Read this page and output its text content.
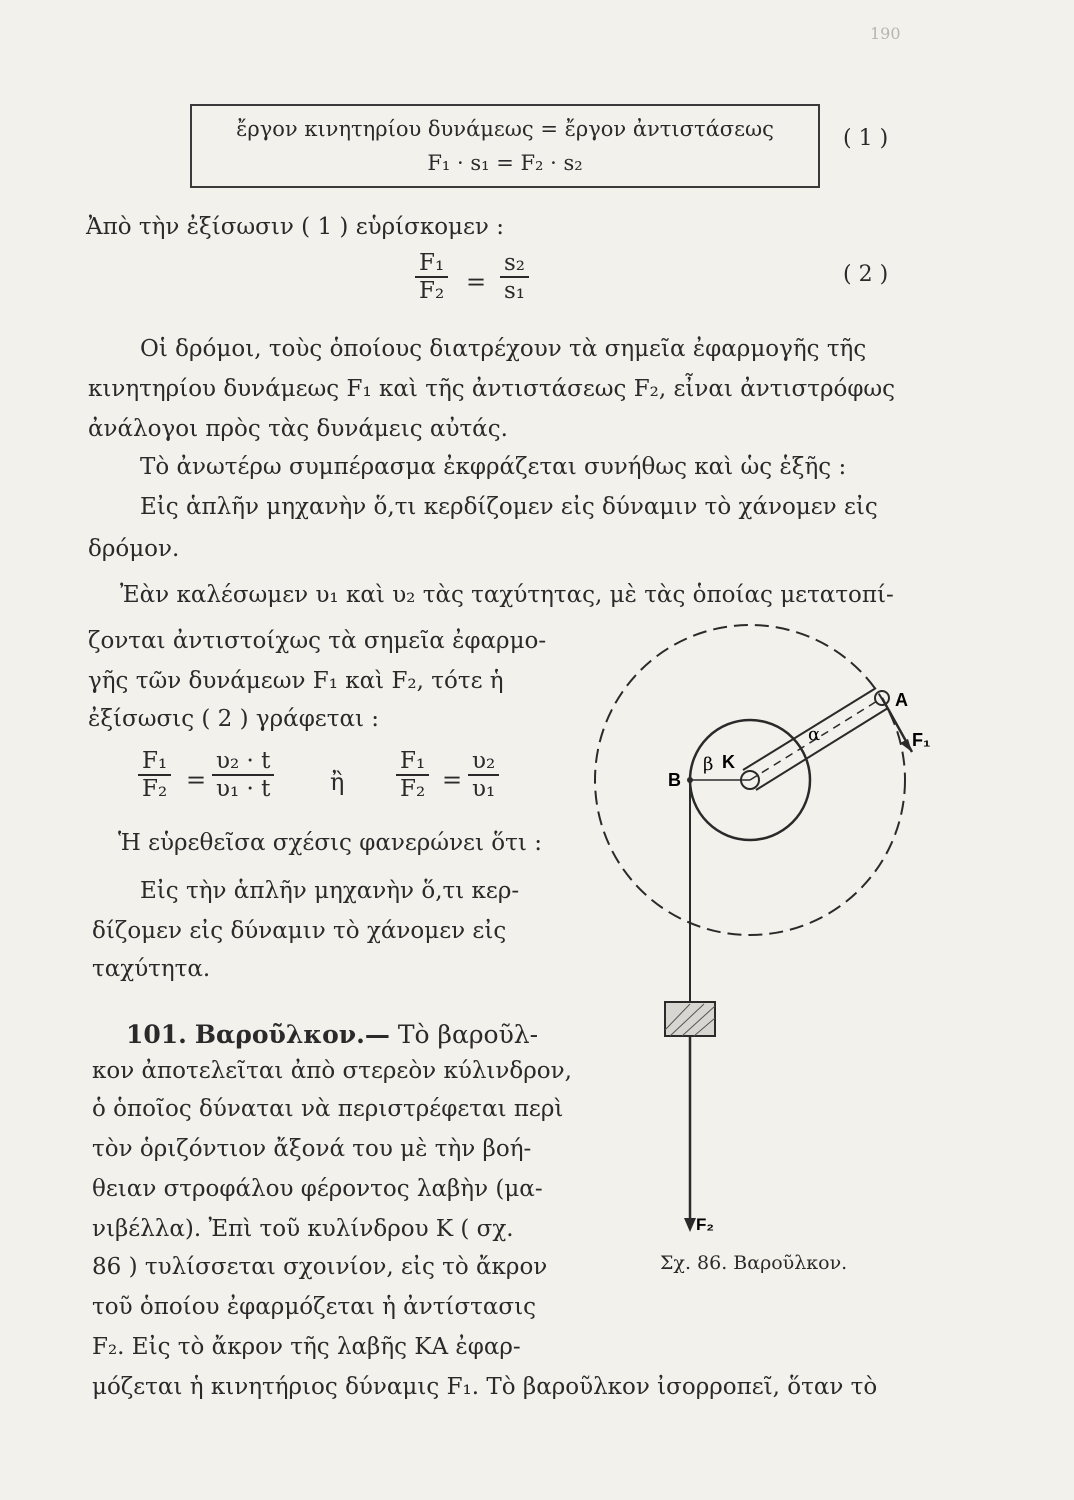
190
ἔργον κινητηρίου δυνάμεως = ἔργον ἀντιστάσεως
F₁ · s₁ = F₂ · s₂
( 1 )
Ἀπὸ τὴν ἐξίσωσιν ( 1 ) εὑρίσκομεν :
$\frac{\text{F₁}}{\text{F₂}} = \frac{\text{s₂}}{\text{s₁}}$	( 2 )
Οἱ δρόμοι, τοὺς ὁποίους διατρέχουν τὰ σημεῖα ἐφαρμογῆς τῆς
κινητηρίου δυνάμεως F₁ καὶ τῆς ἀντιστάσεως F₂, εἶναι ἀντιστρόφως
ἀνάλογοι πρὸς τὰς δυνάμεις αὐτάς.
Τὸ ἀνωτέρω συμπέρασμα ἐκφράζεται συνήθως καὶ ὡς ἑξῆς :
Εἰς ἁπλῆν μηχανὴν ὅ,τι κερδίζομεν εἰς δύναμιν τὸ χάνομεν εἰς
δρόμον.
Ἐὰν καλέσωμεν υ₁ καὶ υ₂ τὰς ταχύτητας, μὲ τὰς ὁποίας μετατοπί-
ζονται ἀντιστοίχως τὰ σημεῖα ἐφαρμο-
γῆς τῶν δυνάμεων F₁ καὶ F₂, τότε ἡ
ἐξίσωσις ( 2 ) γράφεται :
$\frac{\text{F₁}}{\text{F₂}} = \frac{\text{υ₂ · t}}{\text{υ₁ · t}}$ ἢ $\frac{\text{F₁}}{\text{F₂}} = \frac{\text{υ₂}}{\text{υ₁}}$
Ἡ εὑρεθεῖσα σχέσις φανερώνει ὅτι :
Εἰς τὴν ἁπλῆν μηχανὴν ὅ,τι κερ-
δίζομεν εἰς δύναμιν τὸ χάνομεν εἰς
ταχύτητα.
101. Βαροῦλκον.— Τὸ βαροῦλ-
κον ἀποτελεῖται ἀπὸ στερεὸν κύλινδρον,
ὁ ὁποῖος δύναται νὰ περιστρέφεται περὶ
τὸν ὁριζόντιον ἄξονά του μὲ τὴν βοή-
θειαν στροφάλου φέροντος λαβὴν (μα-
νιβέλλα). Ἐπὶ τοῦ κυλίνδρου Κ ( σχ.
86 ) τυλίσσεται σχοινίον, εἰς τὸ ἄκρον
τοῦ ὁποίου ἐφαρμόζεται ἡ ἀντίστασις
F₂. Εἰς τὸ ἄκρον τῆς λαβῆς ΚΑ ἐφαρ-
μόζεται ἡ κινητήριος δύναμις F₁. Τὸ βαροῦλκον ἰσορροπεῖ, ὅταν τὸ
A
B
K
β
α	F₁
F₂
Σχ. 86. Βαροῦλκον.
